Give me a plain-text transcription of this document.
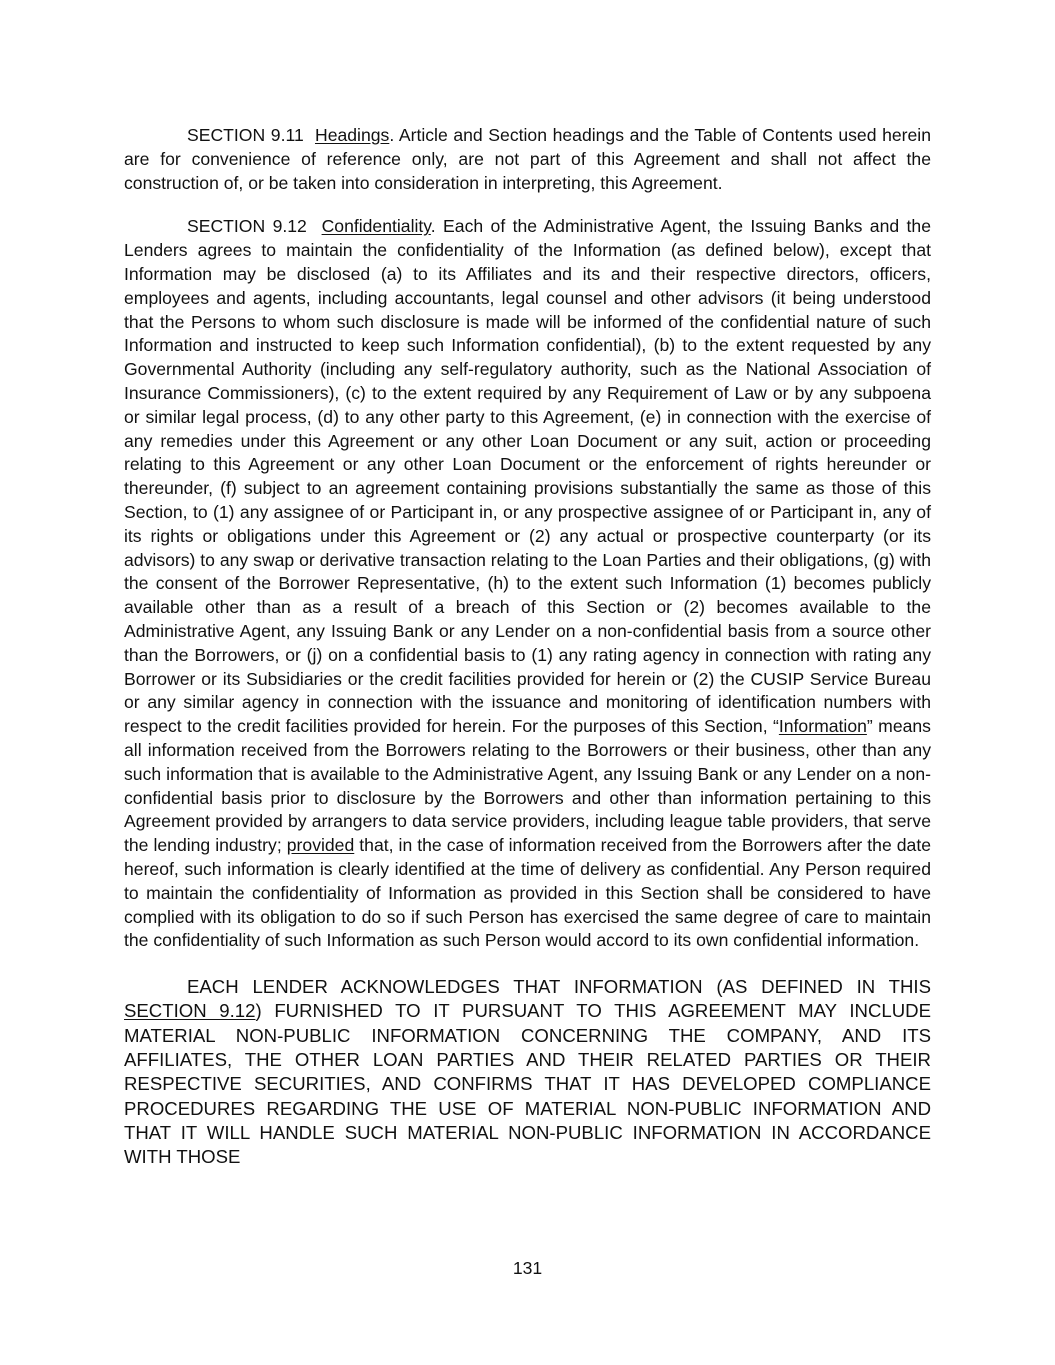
SECTION 9.11 Headings. Article and Section headings and the Table of Contents used herein are for convenience of reference only, are not part of this Agreement and shall not affect the construction of, or be taken into consideration in interpreting, this Agreement.

SECTION 9.12 Confidentiality. Each of the Administrative Agent, the Issuing Banks and the Lenders agrees to maintain the confidentiality of the Information (as defined below), except that Information may be disclosed (a) to its Affiliates and its and their respective directors, officers, employees and agents, including accountants, legal counsel and other advisors (it being understood that the Persons to whom such disclosure is made will be informed of the confidential nature of such Information and instructed to keep such Information confidential), (b) to the extent requested by any Governmental Authority (including any self-regulatory authority, such as the National Association of Insurance Commissioners), (c) to the extent required by any Requirement of Law or by any subpoena or similar legal process, (d) to any other party to this Agreement, (e) in connection with the exercise of any remedies under this Agreement or any other Loan Document or any suit, action or proceeding relating to this Agreement or any other Loan Document or the enforcement of rights hereunder or thereunder, (f) subject to an agreement containing provisions substantially the same as those of this Section, to (1) any assignee of or Participant in, or any prospective assignee of or Participant in, any of its rights or obligations under this Agreement or (2) any actual or prospective counterparty (or its advisors) to any swap or derivative transaction relating to the Loan Parties and their obligations, (g) with the consent of the Borrower Representative, (h) to the extent such Information (1) becomes publicly available other than as a result of a breach of this Section or (2) becomes available to the Administrative Agent, any Issuing Bank or any Lender on a non-confidential basis from a source other than the Borrowers, or (j) on a confidential basis to (1) any rating agency in connection with rating any Borrower or its Subsidiaries or the credit facilities provided for herein or (2) the CUSIP Service Bureau or any similar agency in connection with the issuance and monitoring of identification numbers with respect to the credit facilities provided for herein. For the purposes of this Section, “Information” means all information received from the Borrowers relating to the Borrowers or their business, other than any such information that is available to the Administrative Agent, any Issuing Bank or any Lender on a non-confidential basis prior to disclosure by the Borrowers and other than information pertaining to this Agreement provided by arrangers to data service providers, including league table providers, that serve the lending industry; provided that, in the case of information received from the Borrowers after the date hereof, such information is clearly identified at the time of delivery as confidential. Any Person required to maintain the confidentiality of Information as provided in this Section shall be considered to have complied with its obligation to do so if such Person has exercised the same degree of care to maintain the confidentiality of such Information as such Person would accord to its own confidential information.

EACH LENDER ACKNOWLEDGES THAT INFORMATION (AS DEFINED IN THIS SECTION 9.12) FURNISHED TO IT PURSUANT TO THIS AGREEMENT MAY INCLUDE MATERIAL NON-PUBLIC INFORMATION CONCERNING THE COMPANY, AND ITS AFFILIATES, THE OTHER LOAN PARTIES AND THEIR RELATED PARTIES OR THEIR RESPECTIVE SECURITIES, AND CONFIRMS THAT IT HAS DEVELOPED COMPLIANCE PROCEDURES REGARDING THE USE OF MATERIAL NON-PUBLIC INFORMATION AND THAT IT WILL HANDLE SUCH MATERIAL NON-PUBLIC INFORMATION IN ACCORDANCE WITH THOSE

131
